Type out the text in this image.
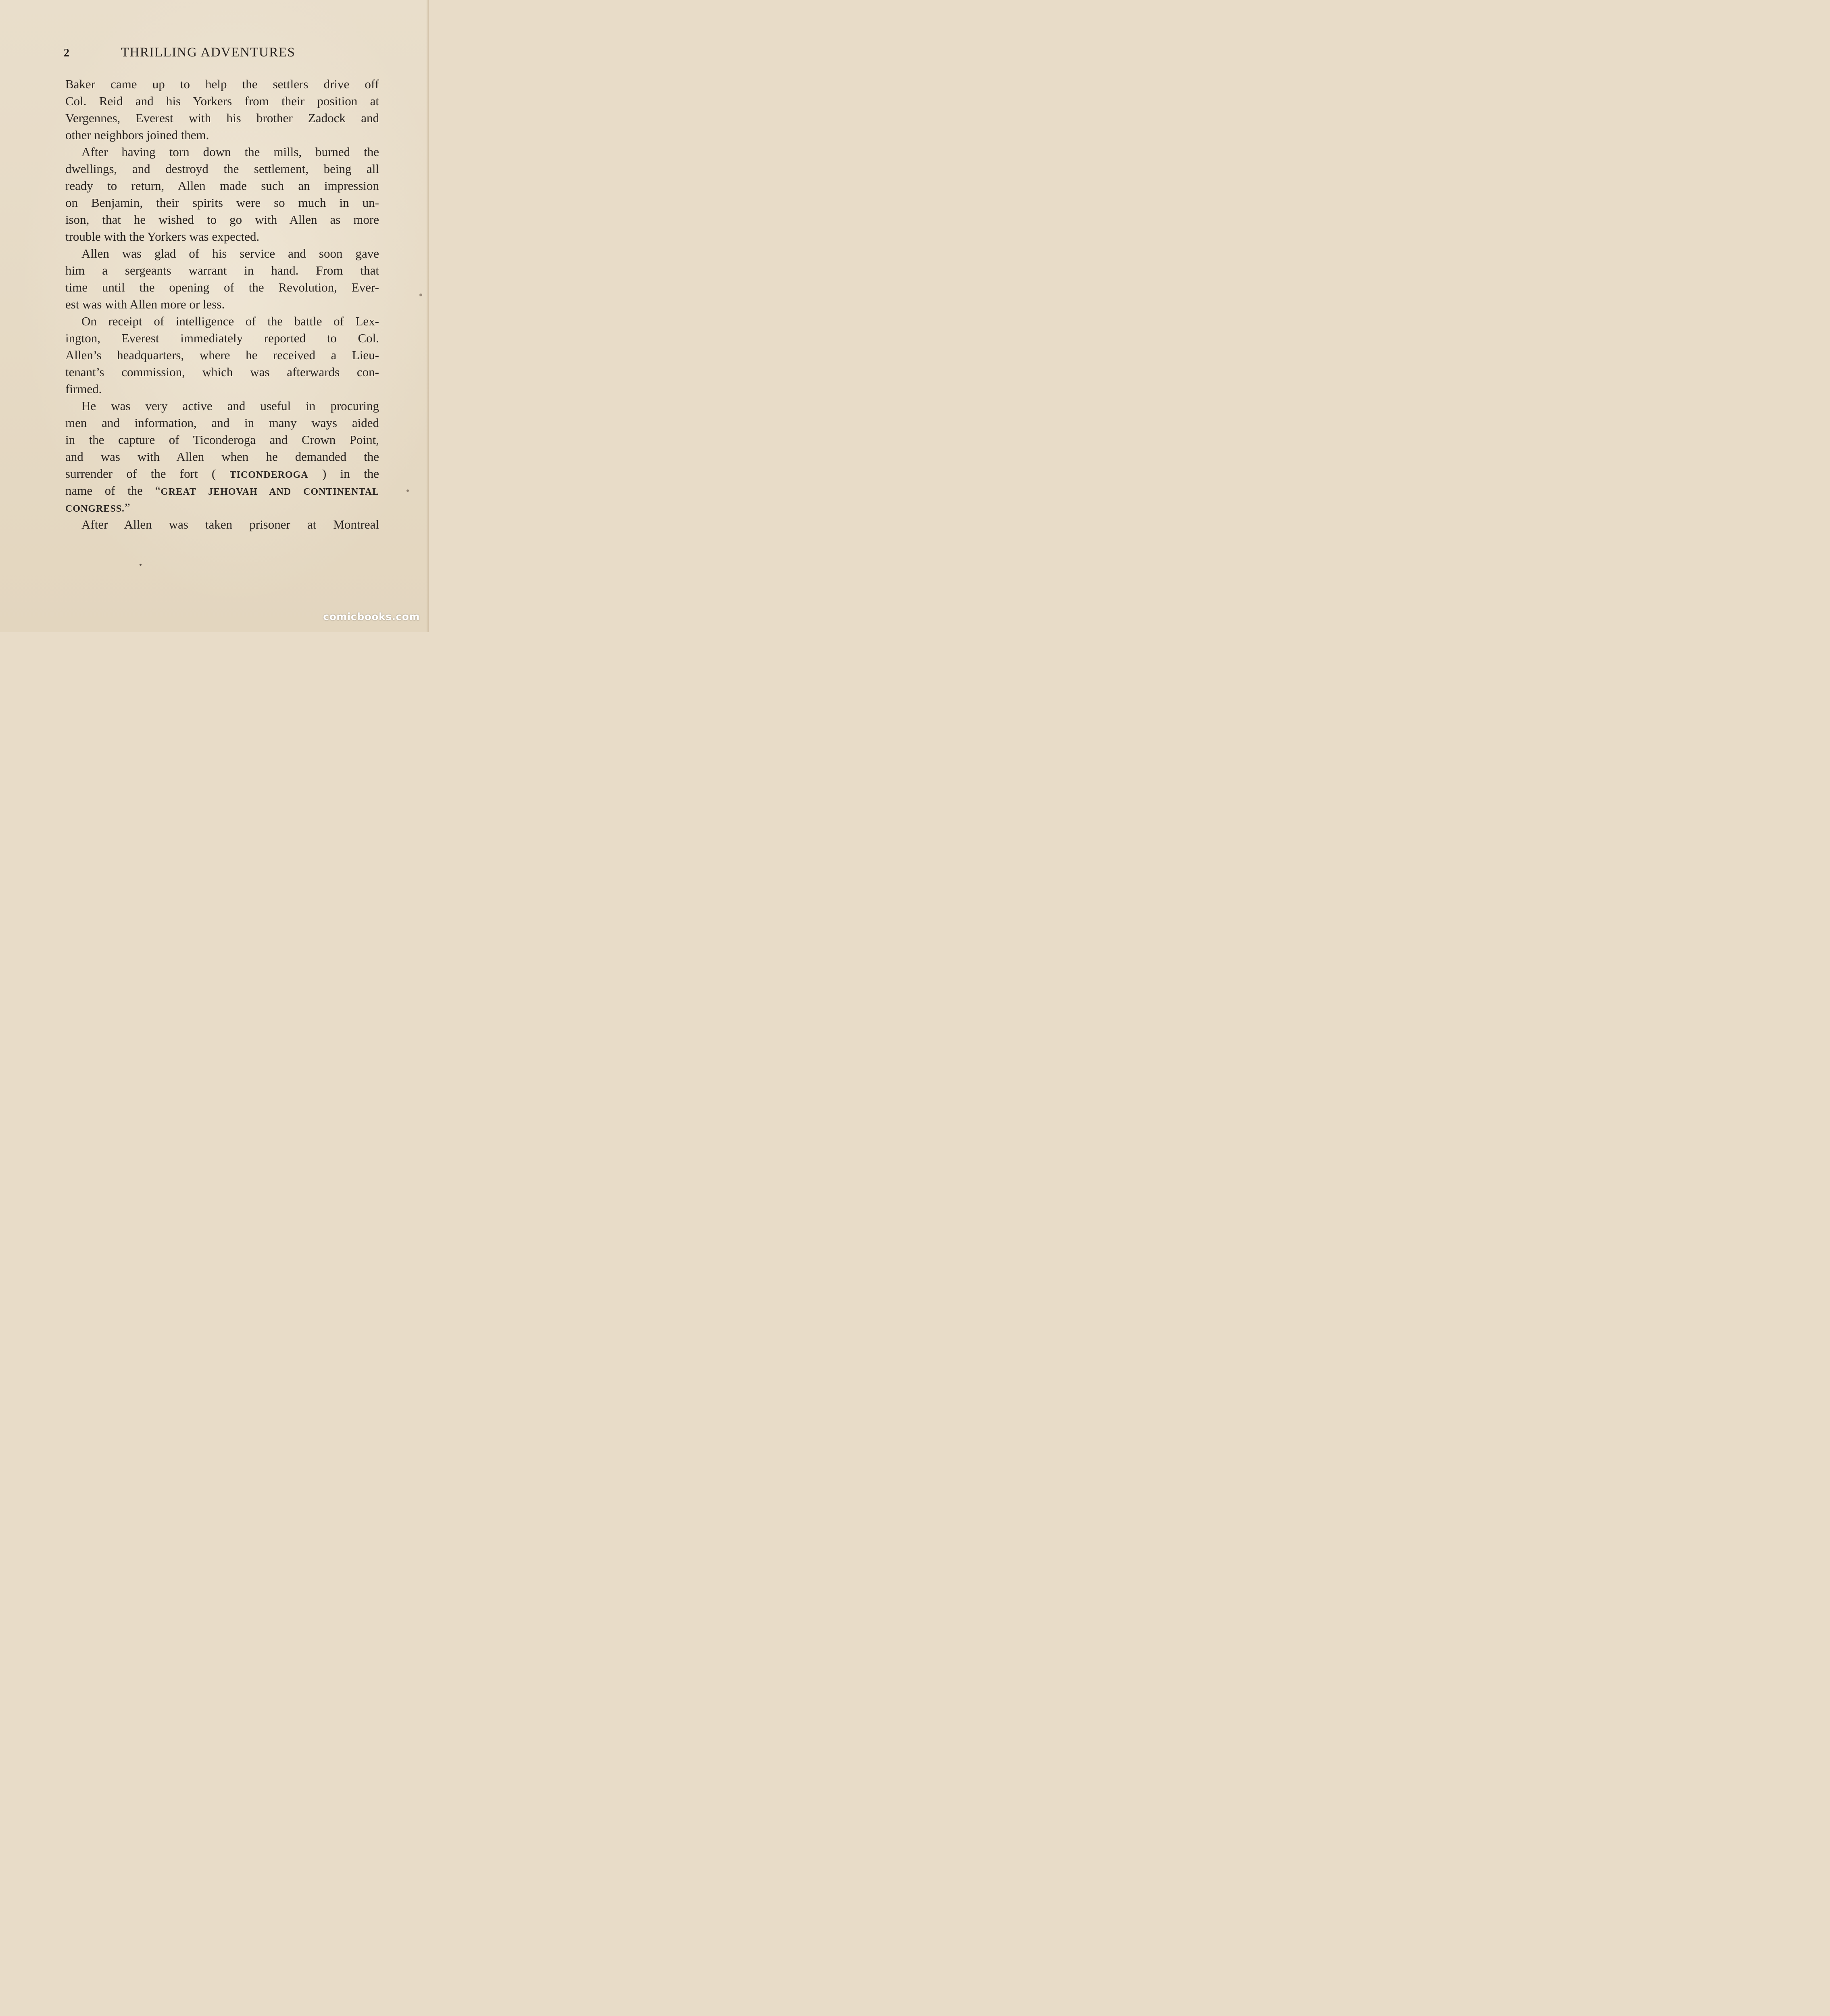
2	THRILLING ADVENTURES
Baker came up to help the settlers drive off
Col. Reid and his Yorkers from their position at
Vergennes, Everest with his brother Zadock and
other neighbors joined them.
After having torn down the mills, burned the
dwellings, and destroyd the settlement, being all
ready to return, Allen made such an impression
on Benjamin, their spirits were so much in un-
ison, that he wished to go with Allen as more
trouble with the Yorkers was expected.
Allen was glad of his service and soon gave
him a sergeants warrant in hand. From that
time until the opening of the Revolution, Ever-
est was with Allen more or less.
On receipt of intelligence of the battle of Lex-
ington, Everest immediately reported to Col.
Allen’s headquarters, where he received a Lieu-
tenant’s commission, which was afterwards con-
firmed.
He was very active and useful in procuring
men and information, and in many ways aided
in the capture of Ticonderoga and Crown Point,
and was with Allen when he demanded the
surrender of the fort ( TICONDEROGA ) in the
name of the “GREAT JEHOVAH AND CONTINENTAL
CONGRESS.”
After Allen was taken prisoner at Montreal
comicbooks.com
